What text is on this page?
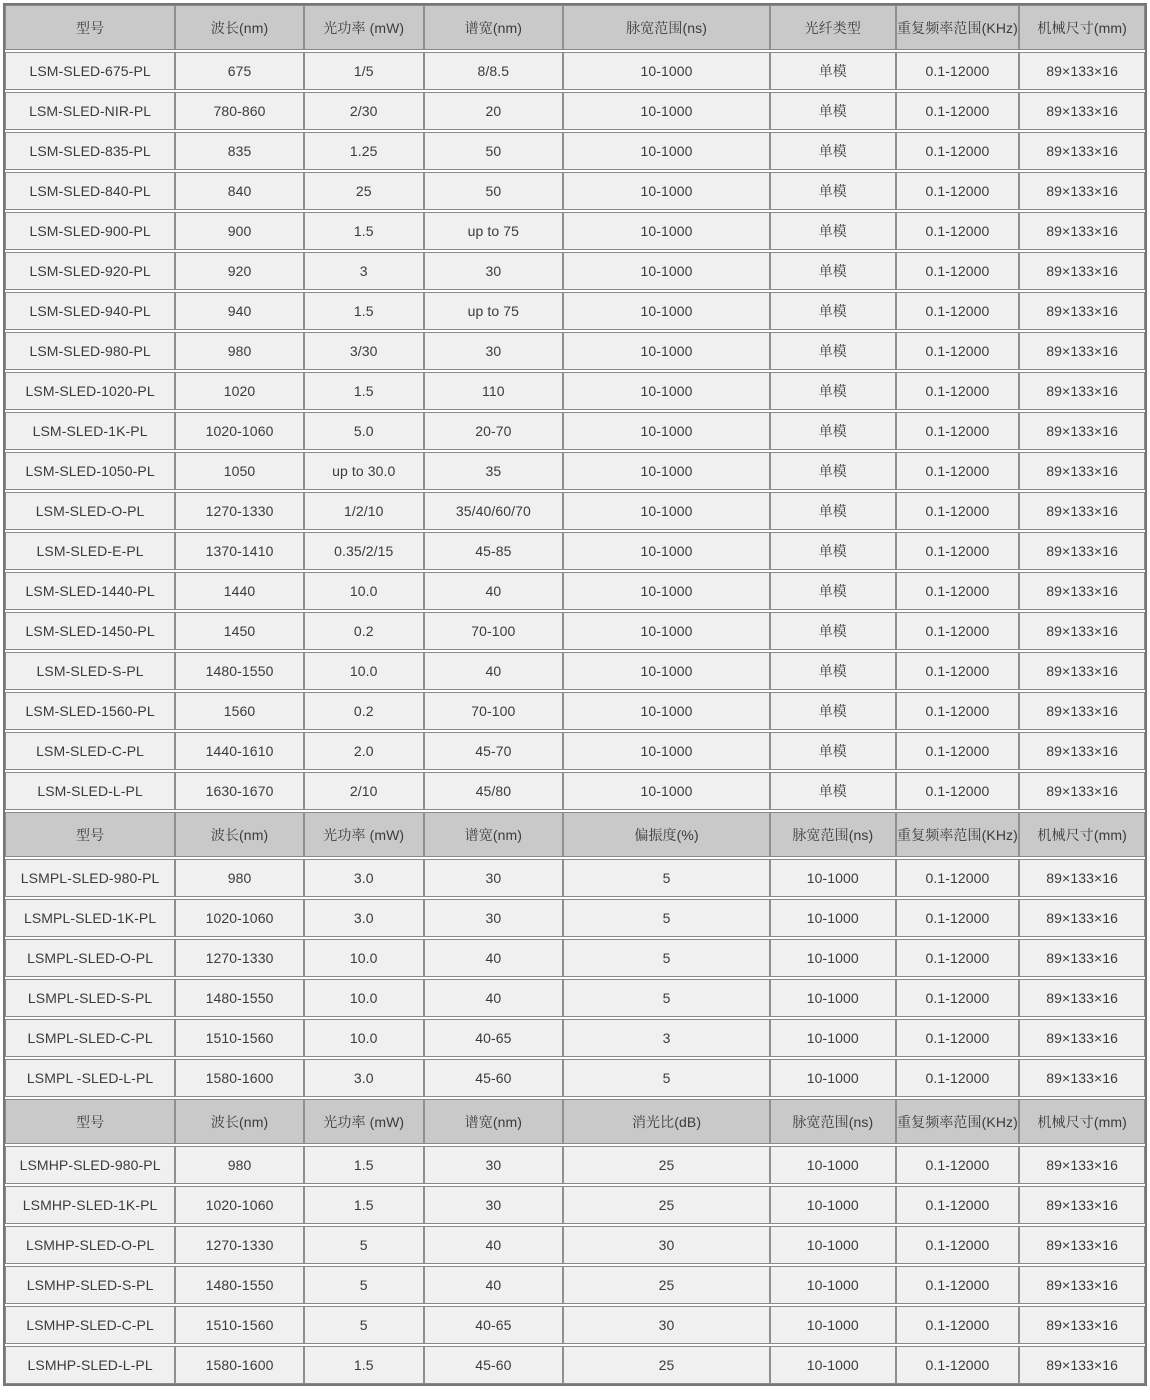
型号	波长(nm)	光功率 (mW)	谱宽(nm)	脉宽范围(ns)	光纤类型	重复频率范围(KHz)	机械尺寸(mm)
LSM-SLED-675-PL	675	1/5	8/8.5	10-1000	单模	0.1-12000	89×133×16
LSM-SLED-NIR-PL	780-860	2/30	20	10-1000	单模	0.1-12000	89×133×16
LSM-SLED-835-PL	835	1.25	50	10-1000	单模	0.1-12000	89×133×16
LSM-SLED-840-PL	840	25	50	10-1000	单模	0.1-12000	89×133×16
LSM-SLED-900-PL	900	1.5	up to 75	10-1000	单模	0.1-12000	89×133×16
LSM-SLED-920-PL	920	3	30	10-1000	单模	0.1-12000	89×133×16
LSM-SLED-940-PL	940	1.5	up to 75	10-1000	单模	0.1-12000	89×133×16
LSM-SLED-980-PL	980	3/30	30	10-1000	单模	0.1-12000	89×133×16
LSM-SLED-1020-PL	1020	1.5	110	10-1000	单模	0.1-12000	89×133×16
LSM-SLED-1K-PL	1020-1060	5.0	20-70	10-1000	单模	0.1-12000	89×133×16
LSM-SLED-1050-PL	1050	up to 30.0	35	10-1000	单模	0.1-12000	89×133×16
LSM-SLED-O-PL	1270-1330	1/2/10	35/40/60/70	10-1000	单模	0.1-12000	89×133×16
LSM-SLED-E-PL	1370-1410	0.35/2/15	45-85	10-1000	单模	0.1-12000	89×133×16
LSM-SLED-1440-PL	1440	10.0	40	10-1000	单模	0.1-12000	89×133×16
LSM-SLED-1450-PL	1450	0.2	70-100	10-1000	单模	0.1-12000	89×133×16
LSM-SLED-S-PL	1480-1550	10.0	40	10-1000	单模	0.1-12000	89×133×16
LSM-SLED-1560-PL	1560	0.2	70-100	10-1000	单模	0.1-12000	89×133×16
LSM-SLED-C-PL	1440-1610	2.0	45-70	10-1000	单模	0.1-12000	89×133×16
LSM-SLED-L-PL	1630-1670	2/10	45/80	10-1000	单模	0.1-12000	89×133×16
型号	波长(nm)	光功率 (mW)	谱宽(nm)	偏振度(%)	脉宽范围(ns)	重复频率范围(KHz)	机械尺寸(mm)
LSMPL-SLED-980-PL	980	3.0	30	5	10-1000	0.1-12000	89×133×16
LSMPL-SLED-1K-PL	1020-1060	3.0	30	5	10-1000	0.1-12000	89×133×16
LSMPL-SLED-O-PL	1270-1330	10.0	40	5	10-1000	0.1-12000	89×133×16
LSMPL-SLED-S-PL	1480-1550	10.0	40	5	10-1000	0.1-12000	89×133×16
LSMPL-SLED-C-PL	1510-1560	10.0	40-65	3	10-1000	0.1-12000	89×133×16
LSMPL -SLED-L-PL	1580-1600	3.0	45-60	5	10-1000	0.1-12000	89×133×16
型号	波长(nm)	光功率 (mW)	谱宽(nm)	消光比(dB)	脉宽范围(ns)	重复频率范围(KHz)	机械尺寸(mm)
LSMHP-SLED-980-PL	980	1.5	30	25	10-1000	0.1-12000	89×133×16
LSMHP-SLED-1K-PL	1020-1060	1.5	30	25	10-1000	0.1-12000	89×133×16
LSMHP-SLED-O-PL	1270-1330	5	40	30	10-1000	0.1-12000	89×133×16
LSMHP-SLED-S-PL	1480-1550	5	40	25	10-1000	0.1-12000	89×133×16
LSMHP-SLED-C-PL	1510-1560	5	40-65	30	10-1000	0.1-12000	89×133×16
LSMHP-SLED-L-PL	1580-1600	1.5	45-60	25	10-1000	0.1-12000	89×133×16
